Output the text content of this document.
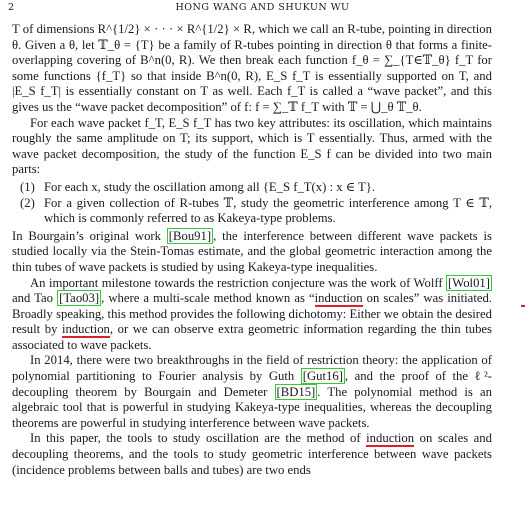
2	HONG WANG AND SHUKUN WU

T of dimensions R^{1/2} × · · · × R^{1/2} × R, which we call an R-tube, pointing in direction θ. Given a θ, let 𝕋_θ = {T} be a family of R-tubes pointing in direction θ that forms a finite-overlapping covering of B^n(0, R). We then break each function f_θ = ∑_{T∈𝕋_θ} f_T for some functions {f_T} so that inside B^n(0, R), E_S f_T is essentially supported on T, and |E_S f_T| is essentially constant on T as well. Each f_T is called a “wave packet”, and this gives us the “wave packet decomposition” of f: f = ∑_𝕋 f_T with 𝕋 = ⋃_θ 𝕋_θ.

For each wave packet f_T, E_S f_T has two key attributes: its oscillation, which maintains roughly the same amplitude on T; its support, which is T essentially. Thus, armed with the wave packet decomposition, the study of the function E_S f can be divided into two main parts:

(1) For each x, study the oscillation among all {E_S f_T(x) : x ∈ T}.
(2) For a given collection of R-tubes 𝕋, study the geometric interference among T ∈ 𝕋, which is commonly referred to as Kakeya-type problems.

In Bourgain’s original work [Bou91] , the interference between different wave packets is studied locally via the Stein-Tomas estimate, and the global geometric interaction among the thin tubes of wave packets is studied by using Kakeya-type inequalities.

An important milestone towards the restriction conjecture was the work of Wolff [Wol01] and Tao [Tao03] , where a multi-scale method known as “induction on scales” was initiated. Broadly speaking, this method provides the following dichotomy: Either we obtain the desired result by induction, or we can observe extra geometric information regarding the thin tubes associated to wave packets.

In 2014, there were two breakthroughs in the field of restriction theory: the application of polynomial partitioning to Fourier analysis by Guth [Gut16] , and the proof of the ℓ²-decoupling theorem by Bourgain and Demeter [BD15] . The polynomial method is an algebraic tool that is powerful in studying Kakeya-type inequalities, whereas the decoupling theorems are powerful in studying interference between wave packets.

In this paper, the tools to study oscillation are the method of induction on scales and decoupling theorems, and the tools to study geometric interference between wave packets (incidence problems between balls and tubes) are two ends
